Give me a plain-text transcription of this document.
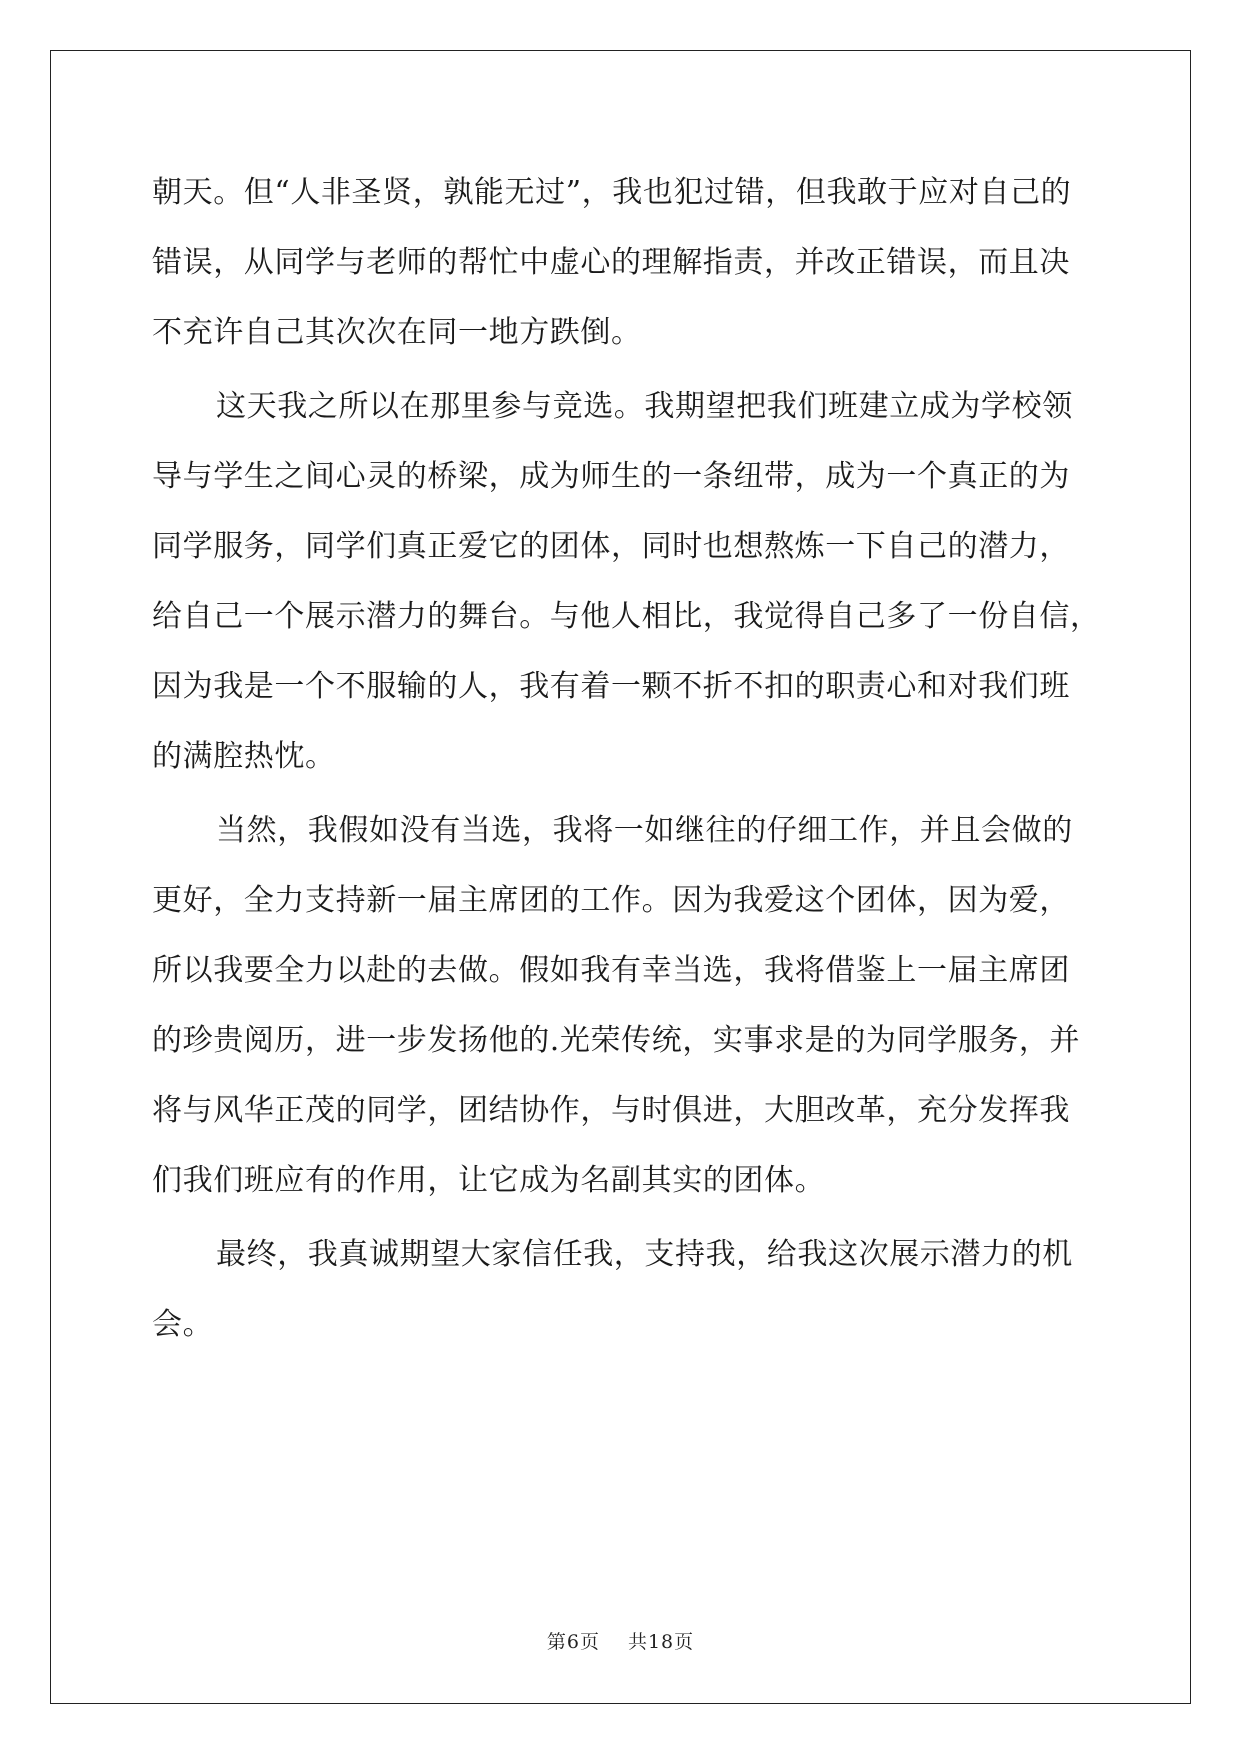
朝天。但“人非圣贤，孰能无过”，我也犯过错，但我敢于应对自己的
错误，从同学与老师的帮忙中虚心的理解指责，并改正错误，而且决
不充许自己其次次在同一地方跌倒。
这天我之所以在那里参与竞选。我期望把我们班建立成为学校领
导与学生之间心灵的桥梁，成为师生的一条纽带，成为一个真正的为
同学服务，同学们真正爱它的团体，同时也想熬炼一下自己的潜力，
给自己一个展示潜力的舞台。与他人相比，我觉得自己多了一份自信，
因为我是一个不服输的人，我有着一颗不折不扣的职责心和对我们班
的满腔热忱。
当然，我假如没有当选，我将一如继往的仔细工作，并且会做的
更好，全力支持新一届主席团的工作。因为我爱这个团体，因为爱，
所以我要全力以赴的去做。假如我有幸当选，我将借鉴上一届主席团
的珍贵阅历，进一步发扬他的.光荣传统，实事求是的为同学服务，并
将与风华正茂的同学，团结协作，与时俱进，大胆改革，充分发挥我
们我们班应有的作用，让它成为名副其实的团体。
最终，我真诚期望大家信任我，支持我，给我这次展示潜力的机
会。
第6页 共18页
